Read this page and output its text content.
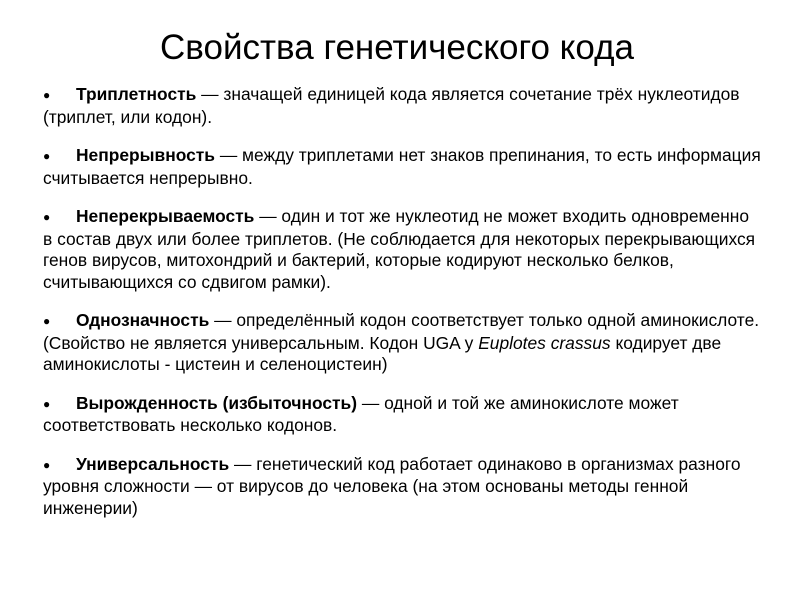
Свойства генетического кода
● Триплетность — значащей единицей кода является сочетание трёх нуклеотидов (триплет, или кодон).
● Непрерывность — между триплетами нет знаков препинания, то есть информация считывается непрерывно.
● Неперекрываемость — один и тот же нуклеотид не может входить одновременно в состав двух или более триплетов. (Не соблюдается для некоторых перекрывающихся генов вирусов, митохондрий и бактерий, которые кодируют несколько белков, считывающихся со сдвигом рамки).
● Однозначность — определённый кодон соответствует только одной аминокислоте. (Свойство не является универсальным. Кодон UGA у Euplotes crassus кодирует две аминокислоты - цистеин и селеноцистеин)
● Вырожденность (избыточность) — одной и той же аминокислоте может соответствовать несколько кодонов.
● Универсальность — генетический код работает одинаково в организмах разного уровня сложности — от вирусов до человека (на этом основаны методы генной инженерии)
